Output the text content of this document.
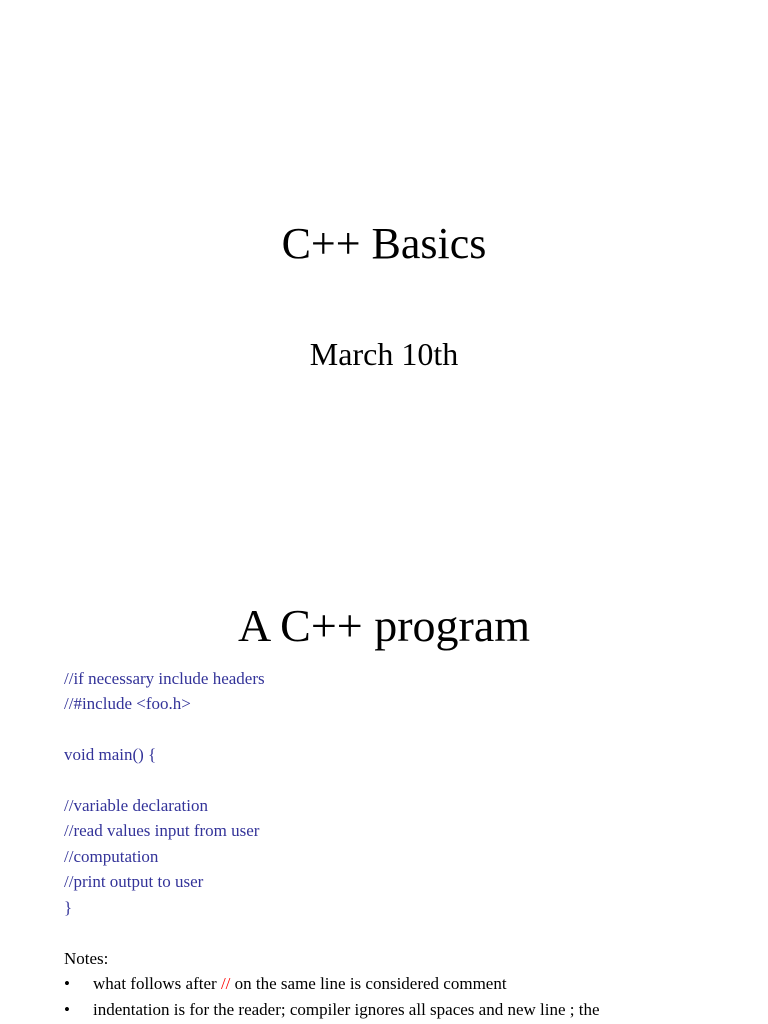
C++ Basics
March 10th
A C++ program
//if necessary include headers
//#include <foo.h>
void main() {
//variable declaration
//read values input from user
//computation
//print output to user
}
Notes:
• what follows after // on the same line is considered comment
• indentation is for the reader; compiler ignores all spaces and new line ; the
